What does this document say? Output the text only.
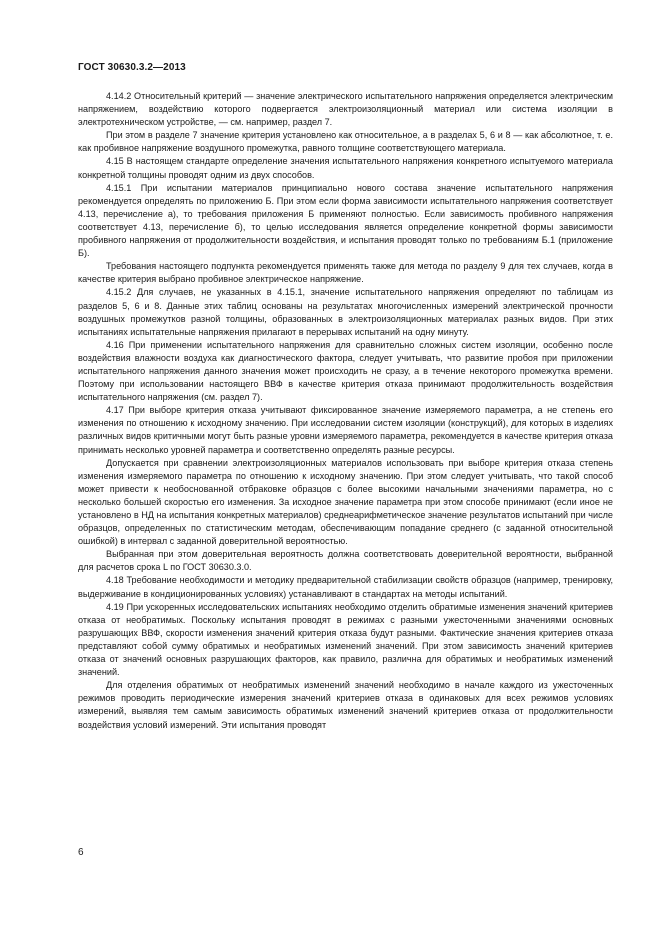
ГОСТ 30630.3.2—2013

4.14.2 Относительный критерий — значение электрического испытательного напряжения определяется электрическим напряжением, воздействию которого подвергается электроизоляционный материал или система изоляции в электротехническом устройстве, — см. например, раздел 7.

При этом в разделе 7 значение критерия установлено как относительное, а в разделах 5, 6 и 8 — как абсолютное, т. е. как пробивное напряжение воздушного промежутка, равного толщине соответствующего материала.

4.15 В настоящем стандарте определение значения испытательного напряжения конкретного испытуемого материала конкретной толщины проводят одним из двух способов.

4.15.1 При испытании материалов принципиально нового состава значение испытательного напряжения рекомендуется определять по приложению Б. При этом если форма зависимости испытательного напряжения соответствует 4.13, перечисление а), то требования приложения Б применяют полностью. Если зависимость пробивного напряжения соответствует 4.13, перечисление б), то целью исследования является определение конкретной формы зависимости пробивного напряжения от продолжительности воздействия, и испытания проводят только по требованиям Б.1 (приложение Б).

Требования настоящего подпункта рекомендуется применять также для метода по разделу 9 для тех случаев, когда в качестве критерия выбрано пробивное электрическое напряжение.

4.15.2 Для случаев, не указанных в 4.15.1, значение испытательного напряжения определяют по таблицам из разделов 5, 6 и 8. Данные этих таблиц основаны на результатах многочисленных измерений электрической прочности воздушных промежутков разной толщины, образованных в электроизоляционных материалах разных видов. При этих испытаниях испытательные напряжения прилагают в перерывах испытаний на одну минуту.

4.16 При применении испытательного напряжения для сравнительно сложных систем изоляции, особенно после воздействия влажности воздуха как диагностического фактора, следует учитывать, что развитие пробоя при приложении испытательного напряжения данного значения может происходить не сразу, а в течение некоторого промежутка времени. Поэтому при использовании настоящего ВВФ в качестве критерия отказа принимают продолжительность воздействия испытательного напряжения (см. раздел 7).

4.17 При выборе критерия отказа учитывают фиксированное значение измеряемого параметра, а не степень его изменения по отношению к исходному значению. При исследовании систем изоляции (конструкций), для которых в изделиях различных видов критичными могут быть разные уровни измеряемого параметра, рекомендуется в качестве критерия отказа принимать несколько уровней параметра и соответственно определять разные ресурсы.

Допускается при сравнении электроизоляционных материалов использовать при выборе критерия отказа степень изменения измеряемого параметра по отношению к исходному значению. При этом следует учитывать, что такой способ может привести к необоснованной отбраковке образцов с более высокими начальными значениями параметра, но с несколько большей скоростью его изменения. За исходное значение параметра при этом способе принимают (если иное не установлено в НД на испытания конкретных материалов) среднеарифметическое значение результатов испытаний при числе образцов, определенных по статистическим методам, обеспечивающим попадание среднего (с заданной относительной ошибкой) в интервал с заданной доверительной вероятностью.

Выбранная при этом доверительная вероятность должна соответствовать доверительной вероятности, выбранной для расчетов срока L по ГОСТ 30630.3.0.

4.18 Требование необходимости и методику предварительной стабилизации свойств образцов (например, тренировку, выдерживание в кондиционированных условиях) устанавливают в стандартах на методы испытаний.

4.19 При ускоренных исследовательских испытаниях необходимо отделить обратимые изменения значений критериев отказа от необратимых. Поскольку испытания проводят в режимах с разными ужесточенными значениями основных разрушающих ВВФ, скорости изменения значений критерия отказа будут разными. Фактические значения критериев отказа представляют собой сумму обратимых и необратимых изменений значений. При этом зависимость значений критериев отказа от значений основных разрушающих факторов, как правило, различна для обратимых и необратимых изменений значений.

Для отделения обратимых от необратимых изменений значений необходимо в начале каждого из ужесточенных режимов проводить периодические измерения значений критериев отказа в одинаковых для всех режимов условиях измерений, выявляя тем самым зависимость обратимых изменений значений критериев отказа от продолжительности воздействия условий измерений. Эти испытания проводят

6
